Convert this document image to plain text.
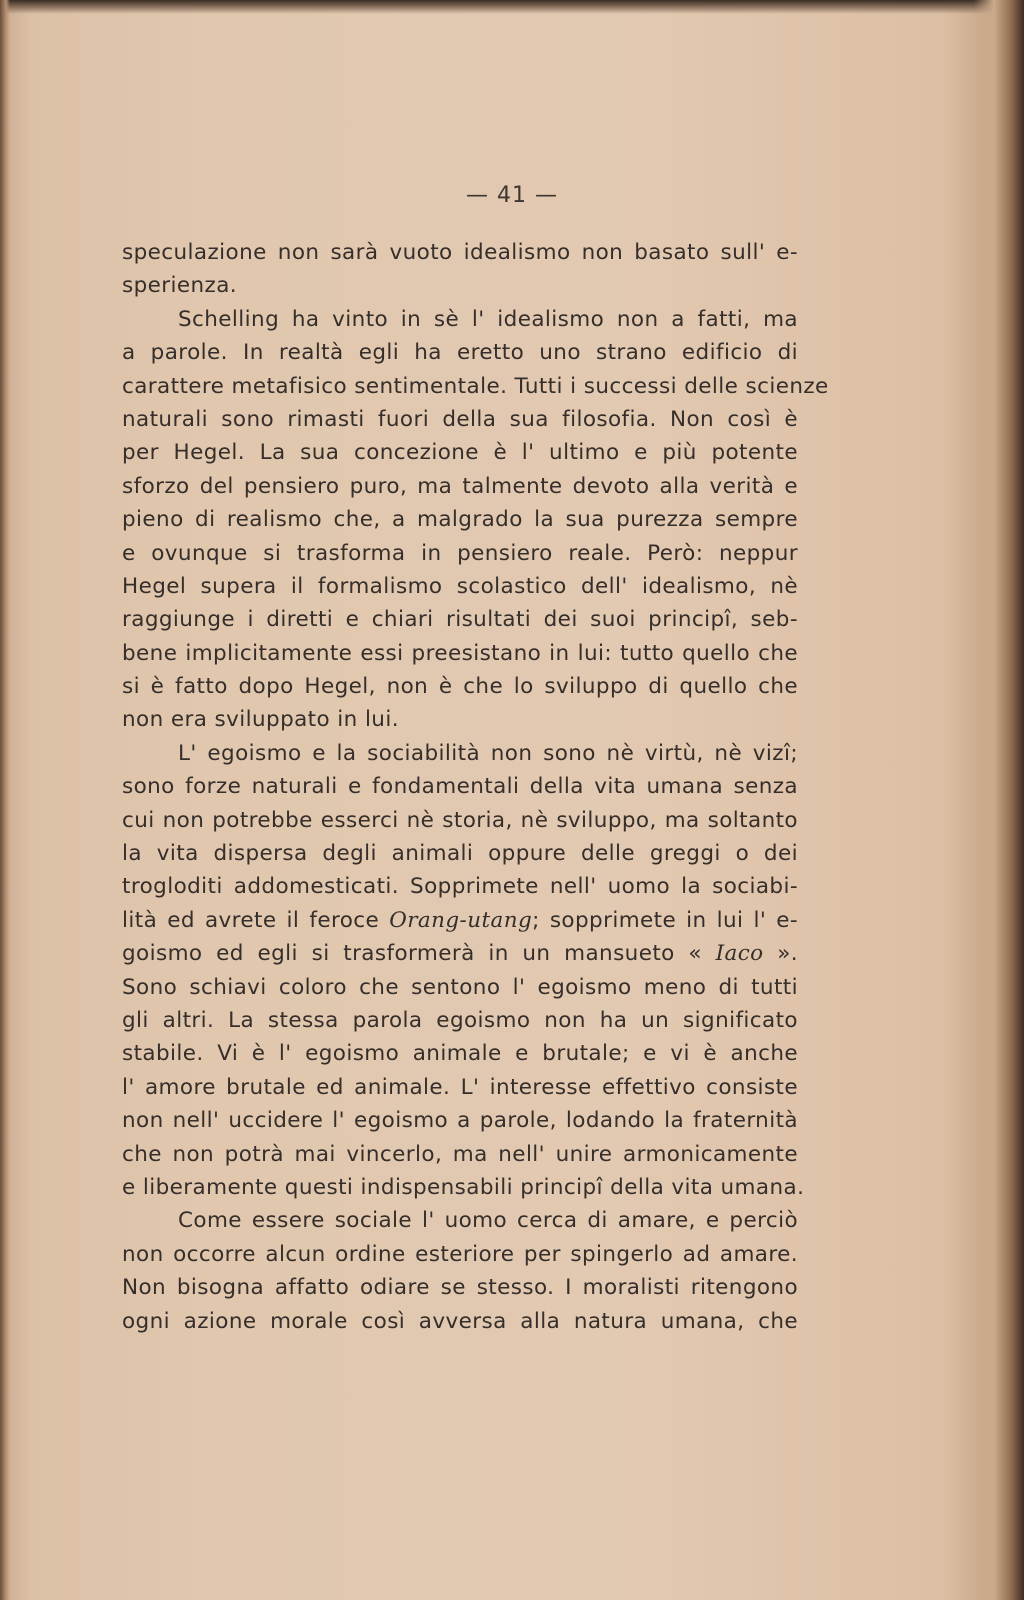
— 41 —
speculazione non sarà vuoto idealismo non basato sull' e-
sperienza.
Schelling ha vinto in sè l' idealismo non a fatti, ma
a parole. In realtà egli ha eretto uno strano edificio di
carattere metafisico sentimentale. Tutti i successi delle scienze
naturali sono rimasti fuori della sua filosofia. Non così è
per Hegel. La sua concezione è l' ultimo e più potente
sforzo del pensiero puro, ma talmente devoto alla verità e
pieno di realismo che, a malgrado la sua purezza sempre
e ovunque si trasforma in pensiero reale. Però: neppur
Hegel supera il formalismo scolastico dell' idealismo, nè
raggiunge i diretti e chiari risultati dei suoi principî, seb-
bene implicitamente essi preesistano in lui: tutto quello che
si è fatto dopo Hegel, non è che lo sviluppo di quello che
non era sviluppato in lui.
L' egoismo e la sociabilità non sono nè virtù, nè vizî;
sono forze naturali e fondamentali della vita umana senza
cui non potrebbe esserci nè storia, nè sviluppo, ma soltanto
la vita dispersa degli animali oppure delle greggi o dei
trogloditi addomesticati. Sopprimete nell' uomo la sociabi-
lità ed avrete il feroce Orang-utang; sopprimete in lui l' e-
goismo ed egli si trasformerà in un mansueto « Iaco ».
Sono schiavi coloro che sentono l' egoismo meno di tutti
gli altri. La stessa parola egoismo non ha un significato
stabile. Vi è l' egoismo animale e brutale; e vi è anche
l' amore brutale ed animale. L' interesse effettivo consiste
non nell' uccidere l' egoismo a parole, lodando la fraternità
che non potrà mai vincerlo, ma nell' unire armonicamente
e liberamente questi indispensabili principî della vita umana.
Come essere sociale l' uomo cerca di amare, e perciò
non occorre alcun ordine esteriore per spingerlo ad amare.
Non bisogna affatto odiare se stesso. I moralisti ritengono
ogni azione morale così avversa alla natura umana, che
